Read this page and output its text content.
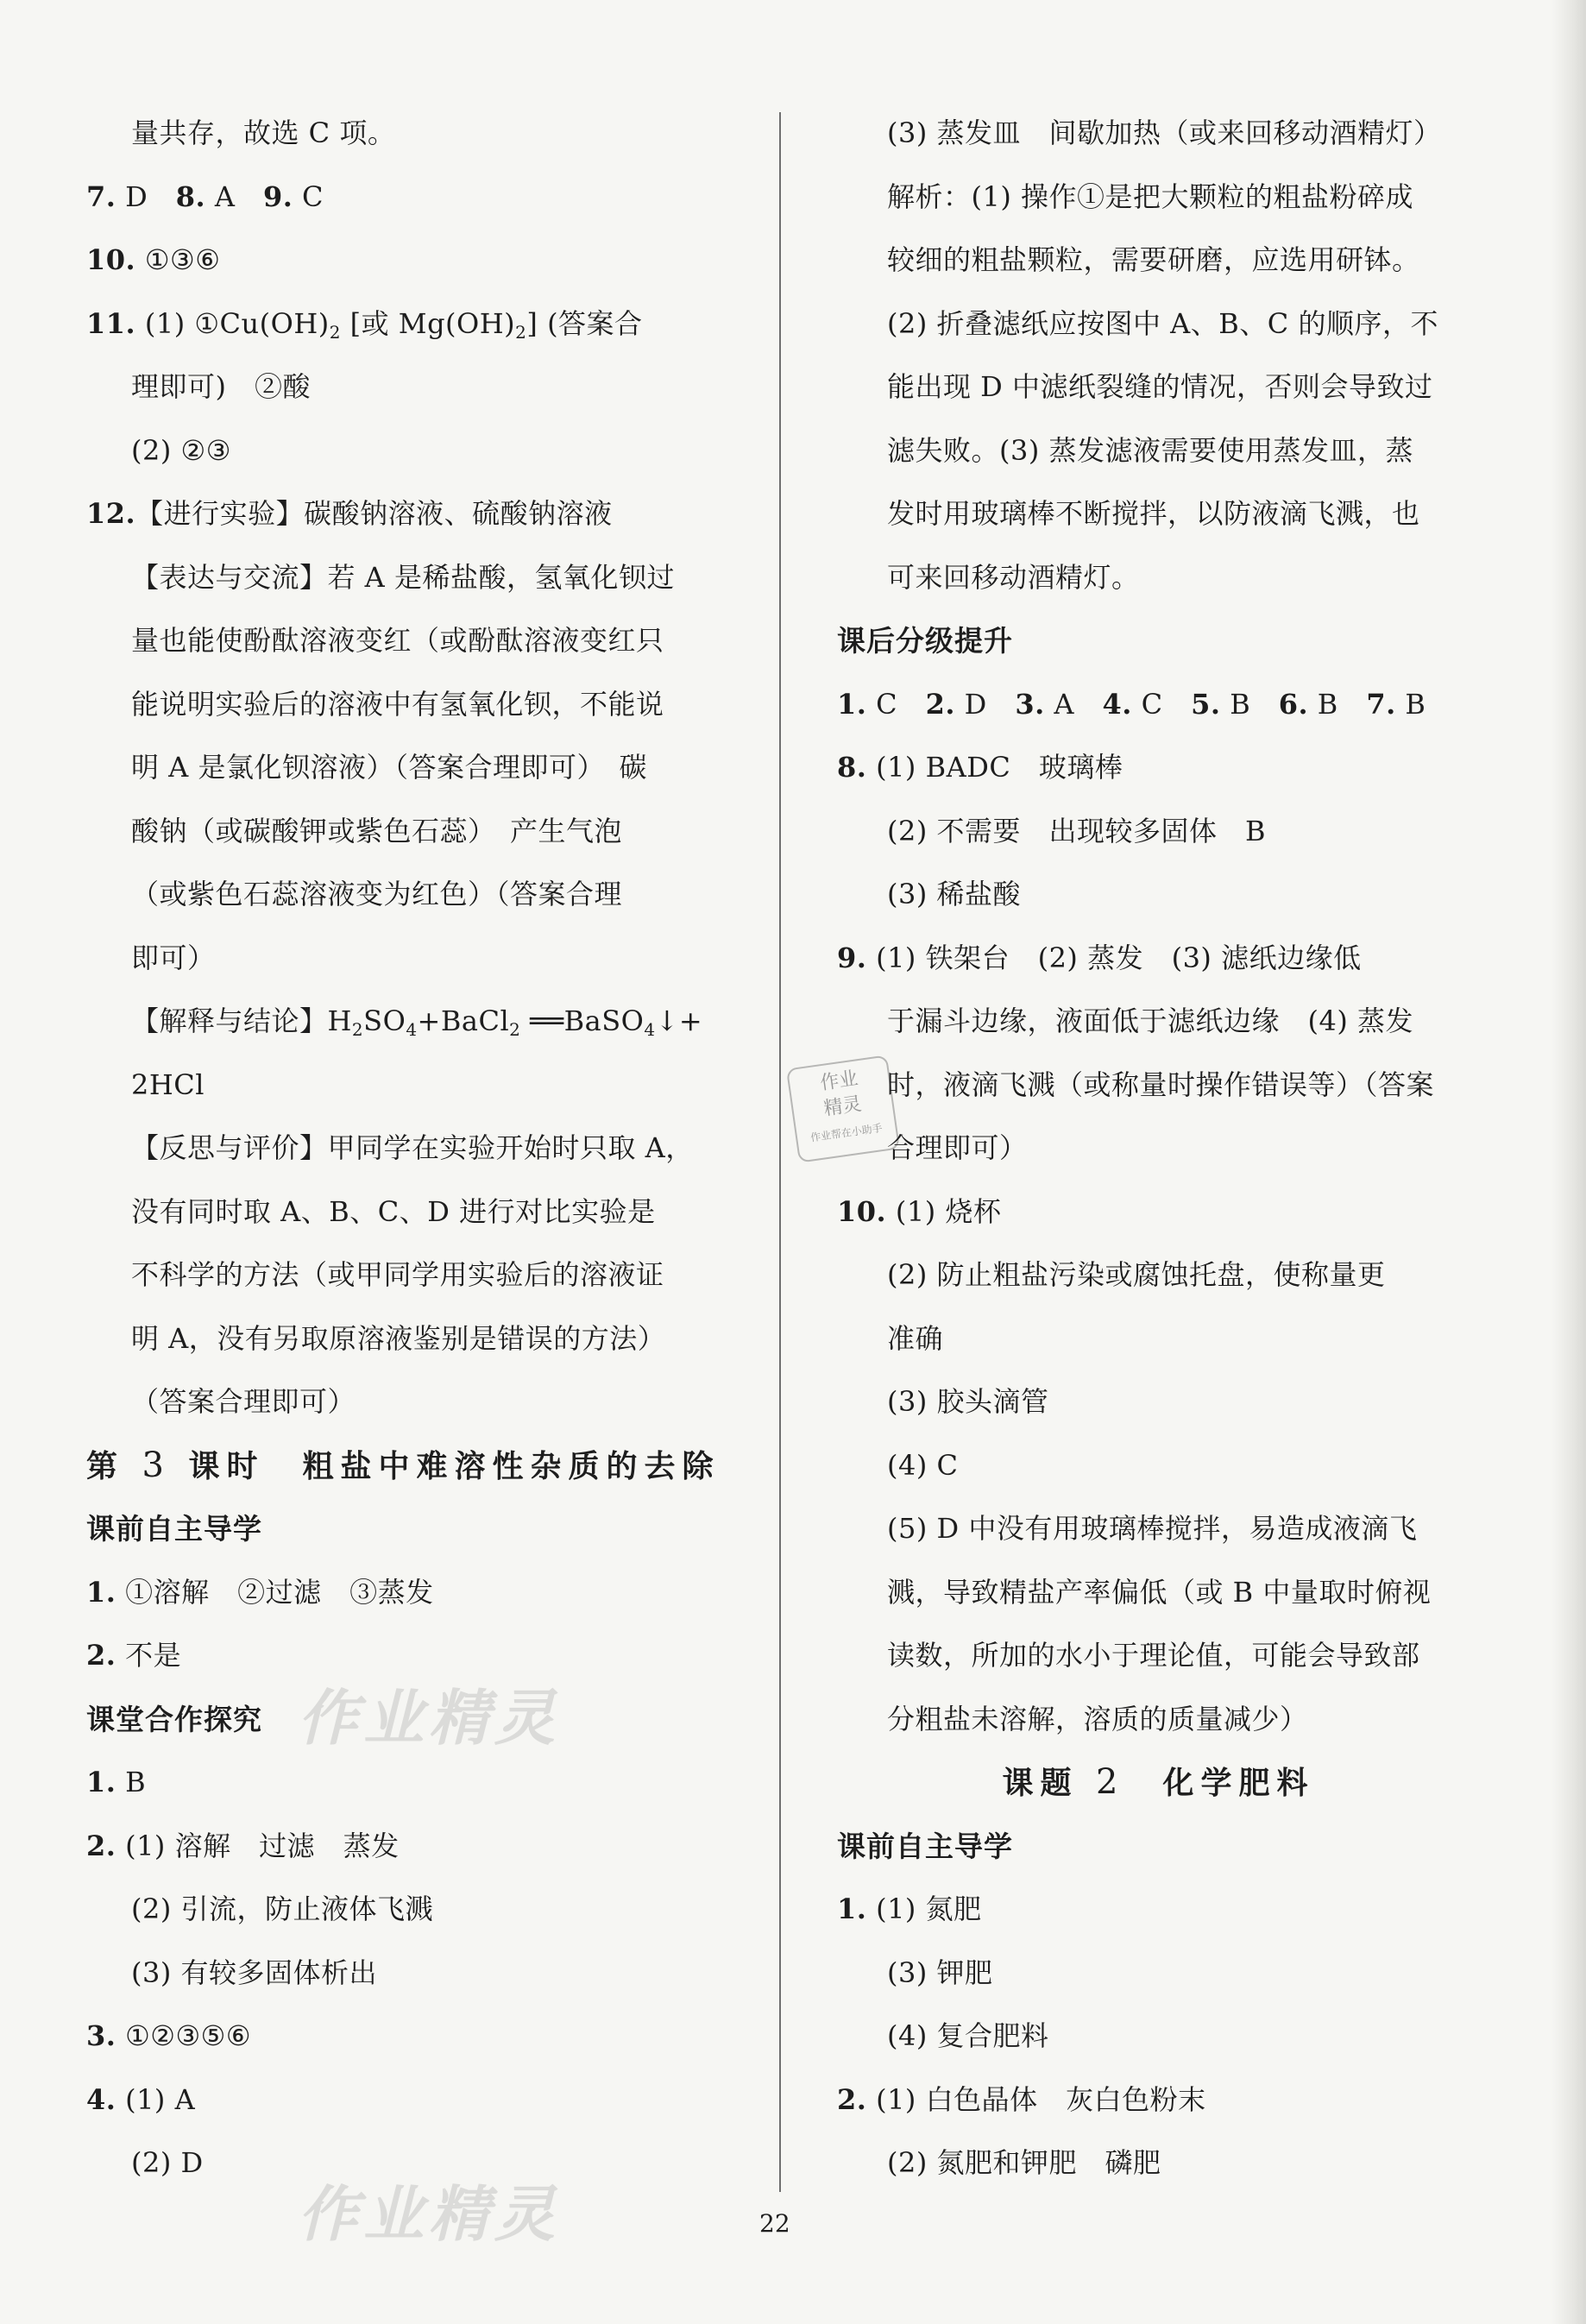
作业精灵
作业精灵
作业
精灵
作业帮在小助手
量共存，故选 C 项。
7. D　8. A　9. C
10. ①③⑥
11. (1) $①Cu(OH)_2$ [或 $Mg(OH)_2$] (答案合
理即可)　②酸
(2) ②③
12.【进行实验】碳酸钠溶液、硫酸钠溶液
【表达与交流】若 A 是稀盐酸，氢氧化钡过
量也能使酚酞溶液变红（或酚酞溶液变红只
能说明实验后的溶液中有氢氧化钡，不能说
明 A 是氯化钡溶液）（答案合理即可）　碳
酸钠（或碳酸钾或紫色石蕊）　产生气泡
（或紫色石蕊溶液变为红色）（答案合理
即可）
【解释与结论】$H_2SO_4+BaCl_2$ ══BaSO$_4$↓+
2HCl
【反思与评价】甲同学在实验开始时只取 A，
没有同时取 A、B、C、D 进行对比实验是
不科学的方法（或甲同学用实验后的溶液证
明 A，没有另取原溶液鉴别是错误的方法）
（答案合理即可）
第 3 课时　粗盐中难溶性杂质的去除
课前自主导学
1. ①溶解　②过滤　③蒸发
2. 不是
课堂合作探究
1. B
2. (1) 溶解　过滤　蒸发
(2) 引流，防止液体飞溅
(3) 有较多固体析出
3. ①②③⑤⑥
4. (1) A
(2) D
(3) 蒸发皿　间歇加热（或来回移动酒精灯）
解析：(1) 操作①是把大颗粒的粗盐粉碎成
较细的粗盐颗粒，需要研磨，应选用研钵。
(2) 折叠滤纸应按图中 A、B、C 的顺序，不
能出现 D 中滤纸裂缝的情况，否则会导致过
滤失败。(3) 蒸发滤液需要使用蒸发皿，蒸
发时用玻璃棒不断搅拌，以防液滴飞溅，也
可来回移动酒精灯。
课后分级提升
1. C　2. D　3. A　4. C　5. B　6. B　7. B
8. (1) BADC　玻璃棒
(2) 不需要　出现较多固体　B
(3) 稀盐酸
9. (1) 铁架台　(2) 蒸发　(3) 滤纸边缘低
于漏斗边缘，液面低于滤纸边缘　(4) 蒸发
时，液滴飞溅（或称量时操作错误等）（答案
合理即可）
10. (1) 烧杯
(2) 防止粗盐污染或腐蚀托盘，使称量更
准确
(3) 胶头滴管
(4) C
(5) D 中没有用玻璃棒搅拌，易造成液滴飞
溅，导致精盐产率偏低（或 B 中量取时俯视
读数，所加的水小于理论值，可能会导致部
分粗盐未溶解，溶质的质量减少）
课题 2　化学肥料
课前自主导学
1. (1) 氮肥
(3) 钾肥
(4) 复合肥料
2. (1) 白色晶体　灰白色粉末
(2) 氮肥和钾肥　磷肥
22
